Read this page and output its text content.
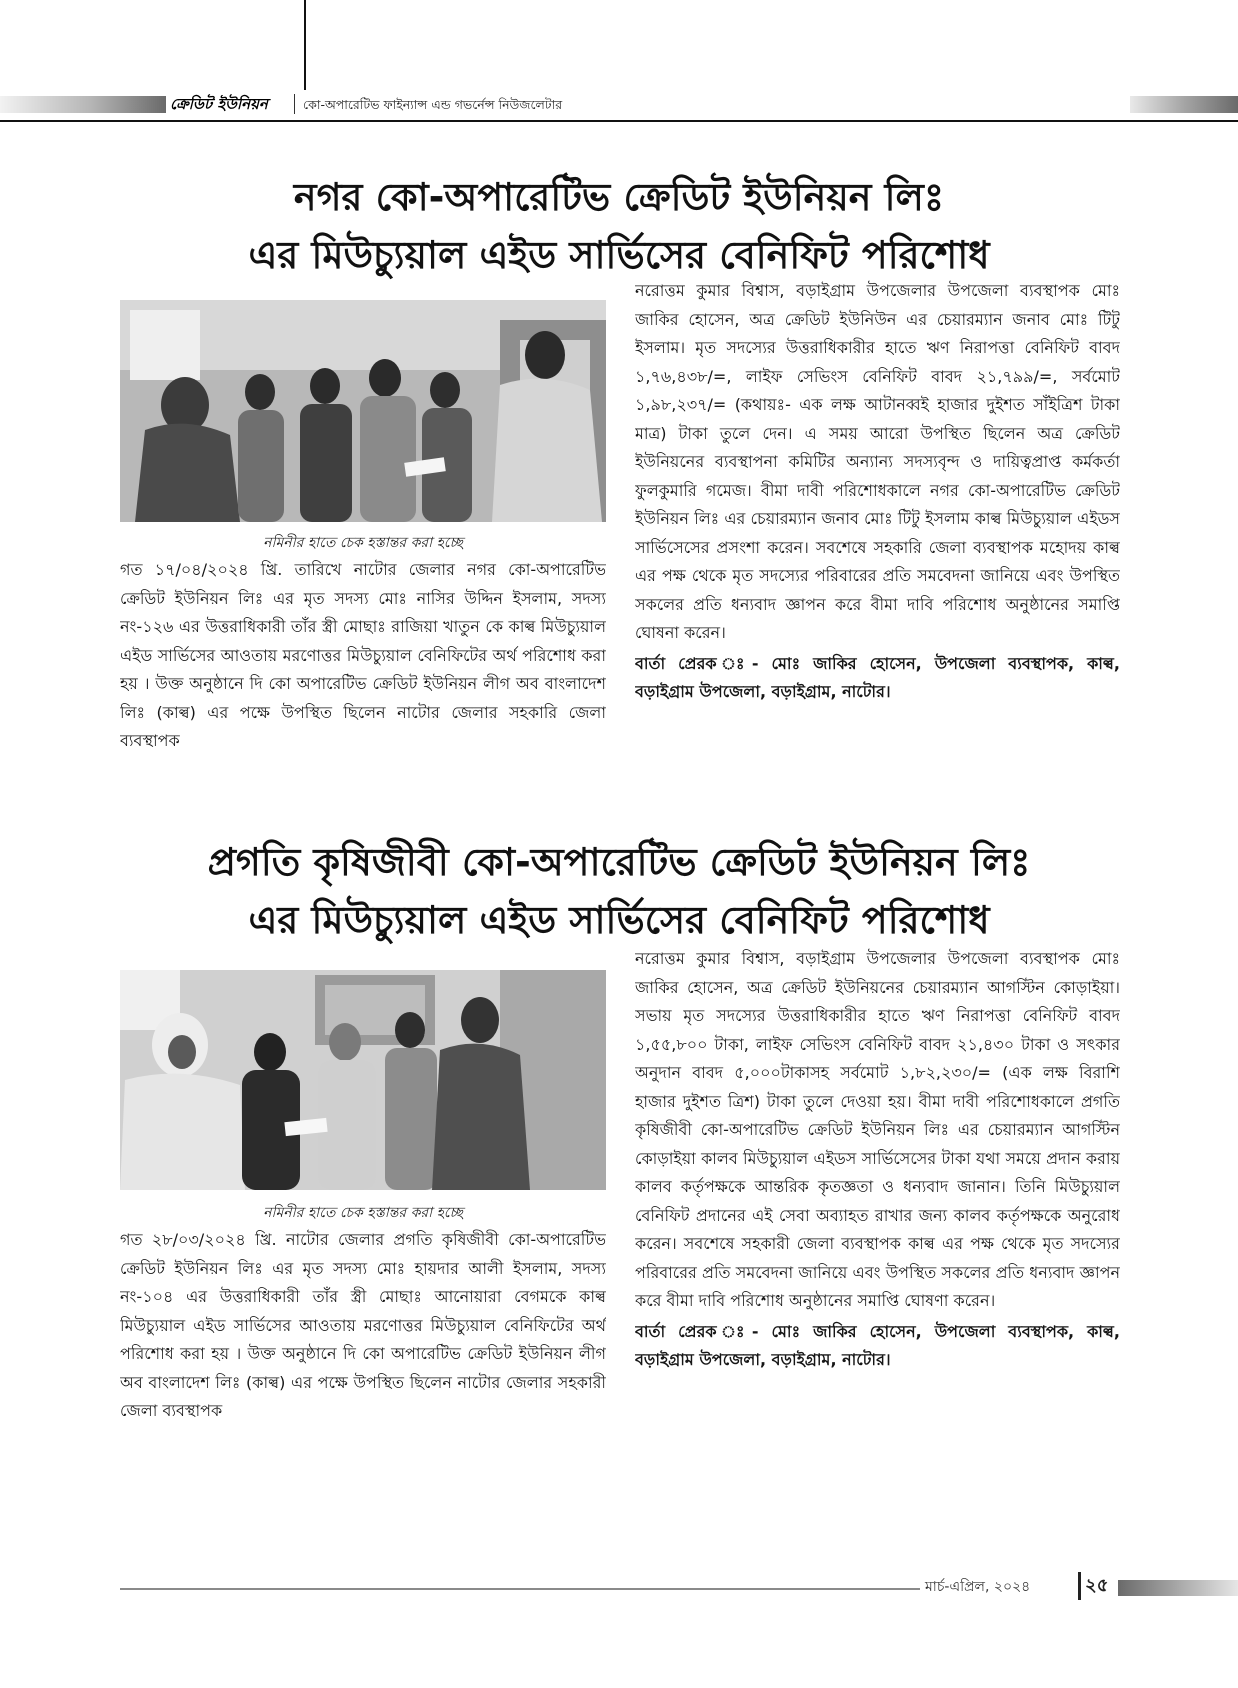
ক্রেডিট ইউনিয়ন	কো-অপারেটিভ ফাইন্যান্স এন্ড গভর্নেন্স নিউজলেটার
নগর কো-অপারেটিভ ক্রেডিট ইউনিয়ন লিঃ
এর মিউচ্যুয়াল এইড সার্ভিসের বেনিফিট পরিশোধ
নমিনীর হাতে চেক হস্তান্তর করা হচ্ছে

গত ১৭/০৪/২০২৪ খ্রি. তারিখে নাটোর জেলার নগর কো-অপারেটিভ ক্রেডিট ইউনিয়ন লিঃ এর মৃত সদস্য মোঃ নাসির উদ্দিন ইসলাম, সদস্য নং-১২৬ এর উত্তরাধিকারী তাঁর স্ত্রী মোছাঃ রাজিয়া খাতুন কে কাল্ব মিউচ্যুয়াল এইড সার্ভিসের আওতায় মরণোত্তর মিউচ্যুয়াল বেনিফিটের অর্থ পরিশোধ করা হয় । উক্ত অনুষ্ঠানে দি কো অপারেটিভ ক্রেডিট ইউনিয়ন লীগ অব বাংলাদেশ লিঃ (কাল্ব) এর পক্ষে উপস্থিত ছিলেন নাটোর জেলার সহকারি জেলা ব্যবস্থাপক

নরোত্তম কুমার বিশ্বাস, বড়াইগ্রাম উপজেলার উপজেলা ব্যবস্থাপক মোঃ জাকির হোসেন, অত্র ক্রেডিট ইউনিউন এর চেয়ারম্যান জনাব মোঃ টিটু ইসলাম। মৃত সদস্যের উত্তরাধিকারীর হাতে ঋণ নিরাপত্তা বেনিফিট বাবদ ১,৭৬,৪৩৮/=, লাইফ সেভিংস বেনিফিট বাবদ ২১,৭৯৯/=, সর্বমোট ১,৯৮,২৩৭/= (কথায়ঃ- এক লক্ষ আটানব্বই হাজার দুইশত সাঁইত্রিশ টাকা মাত্র) টাকা তুলে দেন। এ সময় আরো উপস্থিত ছিলেন অত্র ক্রেডিট ইউনিয়নের ব্যবস্থাপনা কমিটির অন্যান্য সদস্যবৃন্দ ও দায়িত্বপ্রাপ্ত কর্মকর্তা ফুলকুমারি গমেজ। বীমা দাবী পরিশোধকালে নগর কো-অপারেটিভ ক্রেডিট ইউনিয়ন লিঃ এর চেয়ারম্যান জনাব মোঃ টিটু ইসলাম কাল্ব মিউচ্যুয়াল এইডস সার্ভিসেসের প্রসংশা করেন। সবশেষে সহকারি জেলা ব্যবস্থাপক মহোদয় কাল্ব এর পক্ষ থেকে মৃত সদস্যের পরিবারের প্রতি সমবেদনা জানিয়ে এবং উপস্থিত সকলের প্রতি ধন্যবাদ জ্ঞাপন করে বীমা দাবি পরিশোধ অনুষ্ঠানের সমাপ্তি ঘোষনা করেন।

বার্তা প্রেরক ঃ- মোঃ জাকির হোসেন, উপজেলা ব্যবস্থাপক, কাল্ব, বড়াইগ্রাম উপজেলা, বড়াইগ্রাম, নাটোর।

প্রগতি কৃষিজীবী কো-অপারেটিভ ক্রেডিট ইউনিয়ন লিঃ
এর মিউচ্যুয়াল এইড সার্ভিসের বেনিফিট পরিশোধ
নমিনীর হাতে চেক হস্তান্তর করা হচ্ছে

গত ২৮/০৩/২০২৪ খ্রি. নাটোর জেলার প্রগতি কৃষিজীবী কো-অপারেটিভ ক্রেডিট ইউনিয়ন লিঃ এর মৃত সদস্য মোঃ হায়দার আলী ইসলাম, সদস্য নং-১০৪ এর উত্তরাধিকারী তাঁর স্ত্রী মোছাঃ আনোয়ারা বেগমকে কাল্ব মিউচ্যুয়াল এইড সার্ভিসের আওতায় মরণোত্তর মিউচ্যুয়াল বেনিফিটের অর্থ পরিশোধ করা হয় । উক্ত অনুষ্ঠানে দি কো অপারেটিভ ক্রেডিট ইউনিয়ন লীগ অব বাংলাদেশ লিঃ (কাল্ব) এর পক্ষে উপস্থিত ছিলেন নাটোর জেলার সহকারী জেলা ব্যবস্থাপক

নরোত্তম কুমার বিশ্বাস, বড়াইগ্রাম উপজেলার উপজেলা ব্যবস্থাপক মোঃ জাকির হোসেন, অত্র ক্রেডিট ইউনিয়নের চেয়ারম্যান আগস্টিন কোড়াইয়া। সভায় মৃত সদস্যের উত্তরাধিকারীর হাতে ঋণ নিরাপত্তা বেনিফিট বাবদ ১,৫৫,৮০০ টাকা, লাইফ সেভিংস বেনিফিট বাবদ ২১,৪৩০ টাকা ও সৎকার অনুদান বাবদ ৫,০০০টাকাসহ সর্বমোট ১,৮২,২৩০/= (এক লক্ষ বিরাশি হাজার দুইশত ত্রিশ) টাকা তুলে দেওয়া হয়। বীমা দাবী পরিশোধকালে প্রগতি কৃষিজীবী কো-অপারেটিভ ক্রেডিট ইউনিয়ন লিঃ এর চেয়ারম্যান আগস্টিন কোড়াইয়া কালব মিউচ্যুয়াল এইডস সার্ভিসেসের টাকা যথা সময়ে প্রদান করায় কালব কর্তৃপক্ষকে আন্তরিক কৃতজ্ঞতা ও ধন্যবাদ জানান। তিনি মিউচ্যুয়াল বেনিফিট প্রদানের এই সেবা অব্যাহত রাখার জন্য কালব কর্তৃপক্ষকে অনুরোধ করেন। সবশেষে সহকারী জেলা ব্যবস্থাপক কাল্ব এর পক্ষ থেকে মৃত সদস্যের পরিবারের প্রতি সমবেদনা জানিয়ে এবং উপস্থিত সকলের প্রতি ধন্যবাদ জ্ঞাপন করে বীমা দাবি পরিশোধ অনুষ্ঠানের সমাপ্তি ঘোষণা করেন।

বার্তা প্রেরক ঃ- মোঃ জাকির হোসেন, উপজেলা ব্যবস্থাপক, কাল্ব, বড়াইগ্রাম উপজেলা, বড়াইগ্রাম, নাটোর।

মার্চ-এপ্রিল, ২০২৪	২৫
